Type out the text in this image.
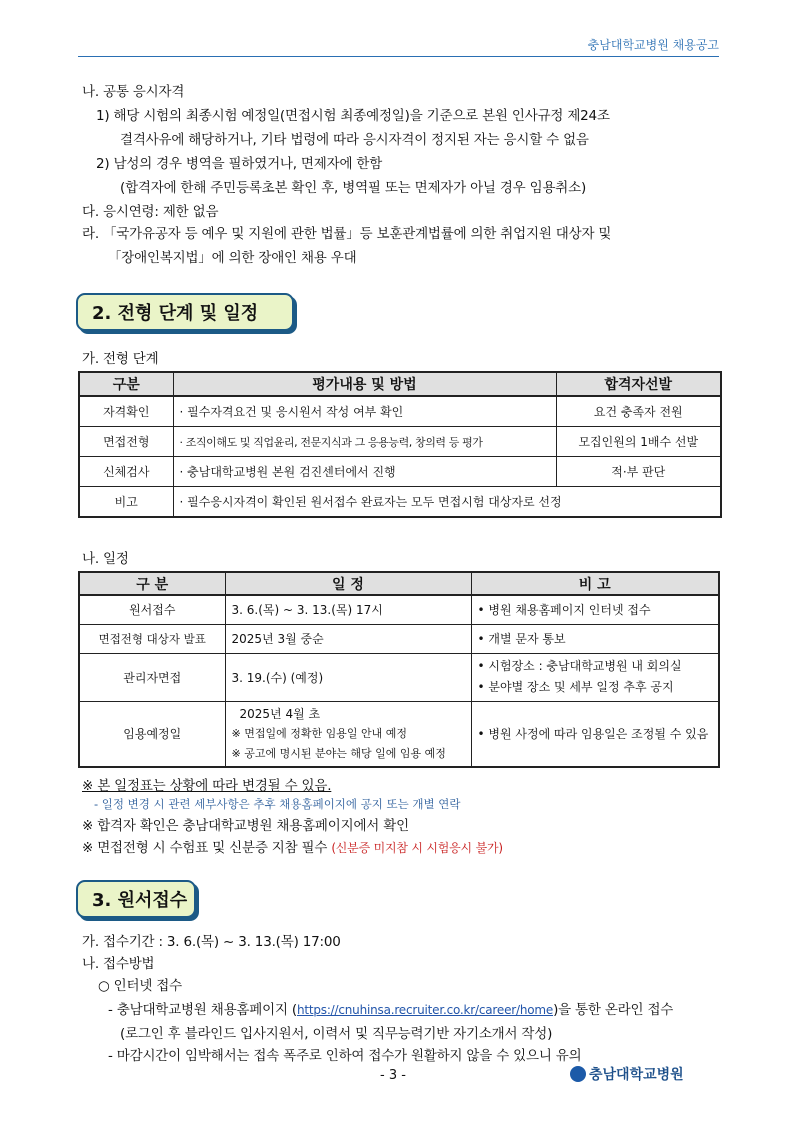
충남대학교병원 채용공고
나. 공통 응시자격
1) 해당 시험의 최종시험 예정일(면접시험 최종예정일)을 기준으로 본원 인사규정 제24조
결격사유에 해당하거나, 기타 법령에 따라 응시자격이 정지된 자는 응시할 수 없음
2) 남성의 경우 병역을 필하였거나, 면제자에 한함
(합격자에 한해 주민등록초본 확인 후, 병역필 또는 면제자가 아닐 경우 임용취소)
다. 응시연령: 제한 없음
라. 「국가유공자 등 예우 및 지원에 관한 법률」등 보훈관계법률에 의한 취업지원 대상자 및
「장애인복지법」에 의한 장애인 채용 우대
2. 전형 단계 및 일정
가. 전형 단계
구분	평가내용 및 방법	합격자선발
자격확인	· 필수자격요건 및 응시원서 작성 여부 확인	요건 충족자 전원
면접전형	· 조직이해도 및 직업윤리, 전문지식과 그 응용능력, 창의력 등 평가	모집인원의 1배수 선발
신체검사	· 충남대학교병원 본원 검진센터에서 진행	적·부 판단
비고	· 필수응시자격이 확인된 원서접수 완료자는 모두 면접시험 대상자로 선정	
나. 일정
구 분	일 정	비 고
원서접수	3. 6.(목) ~ 3. 13.(목) 17시	• 병원 채용홈페이지 인터넷 접수
면접전형 대상자 발표	2025년 3월 중순	• 개별 문자 통보
관리자면접	3. 19.(수) (예정)	• 시험장소 : 충남대학교병원 내 회의실
• 분야별 장소 및 세부 일정 추후 공지

임용예정일	2025년 4월 초
※ 면접일에 정확한 임용일 안내 예정
※ 공고에 명시된 분야는 해당 일에 임용 예정	• 병원 사정에 따라 임용일은 조정될 수 있음
※ 본 일정표는 상황에 따라 변경될 수 있음.
- 일정 변경 시 관련 세부사항은 추후 채용홈페이지에 공지 또는 개별 연락
※ 합격자 확인은 충남대학교병원 채용홈페이지에서 확인
※ 면접전형 시 수험표 및 신분증 지참 필수 (신분증 미지참 시 시험응시 불가)
3. 원서접수
가. 접수기간 : 3. 6.(목) ~ 3. 13.(목) 17:00
나. 접수방법
○ 인터넷 접수
- 충남대학교병원 채용홈페이지 (https://cnuhinsa.recruiter.co.kr/career/home)을 통한 온라인 접수
(로그인 후 블라인드 입사지원서, 이력서 및 직무능력기반 자기소개서 작성)
- 마감시간이 임박해서는 접속 폭주로 인하여 접수가 원활하지 않을 수 있으니 유의
- 3 -	충남대학교병원
